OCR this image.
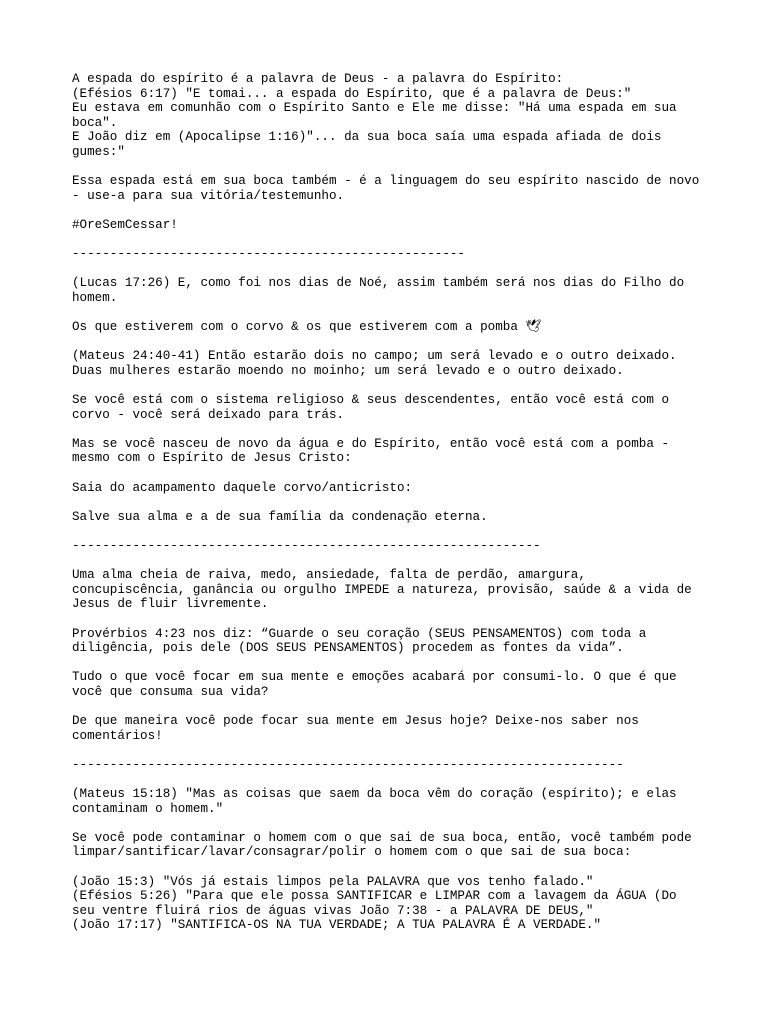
A espada do espírito é a palavra de Deus - a palavra do Espírito:
(Efésios 6:17) "E tomai... a espada do Espírito, que é a palavra de Deus:"
Eu estava em comunhão com o Espírito Santo e Ele me disse: "Há uma espada em sua
boca".
E João diz em (Apocalipse 1:16)"... da sua boca saía uma espada afiada de dois
gumes:"
Essa espada está em sua boca também - é a linguagem do seu espírito nascido de novo
- use-a para sua vitória/testemunho.
#OreSemCessar!
----------------------------------------------------
(Lucas 17:26) E, como foi nos dias de Noé, assim também será nos dias do Filho do
homem.
Os que estiverem com o corvo & os que estiverem com a pomba 🕊
(Mateus 24:40-41) Então estarão dois no campo; um será levado e o outro deixado.
Duas mulheres estarão moendo no moinho; um será levado e o outro deixado.
Se você está com o sistema religioso & seus descendentes, então você está com o
corvo - você será deixado para trás.
Mas se você nasceu de novo da água e do Espírito, então você está com a pomba -
mesmo com o Espírito de Jesus Cristo:
Saia do acampamento daquele corvo/anticristo:
Salve sua alma e a de sua família da condenação eterna.
--------------------------------------------------------------
Uma alma cheia de raiva, medo, ansiedade, falta de perdão, amargura,
concupiscência, ganância ou orgulho IMPEDE a natureza, provisão, saúde & a vida de
Jesus de fluir livremente.
Provérbios 4:23 nos diz: “Guarde o seu coração (SEUS PENSAMENTOS) com toda a
diligência, pois dele (DOS SEUS PENSAMENTOS) procedem as fontes da vida”.
Tudo o que você focar em sua mente e emoções acabará por consumi-lo. O que é que
você que consuma sua vida?
De que maneira você pode focar sua mente em Jesus hoje? Deixe-nos saber nos
comentários!
-------------------------------------------------------------------------
(Mateus 15:18) "Mas as coisas que saem da boca vêm do coração (espírito); e elas
contaminam o homem."
Se você pode contaminar o homem com o que sai de sua boca, então, você também pode
limpar/santificar/lavar/consagrar/polir o homem com o que sai de sua boca:
(João 15:3) "Vós já estais limpos pela PALAVRA que vos tenho falado."
(Efésios 5:26) "Para que ele possa SANTIFICAR e LIMPAR com a lavagem da ÁGUA (Do
seu ventre fluirá rios de águas vivas João 7:38 - a PALAVRA DE DEUS,"
(João 17:17) "SANTIFICA-OS NA TUA VERDADE; A TUA PALAVRA É A VERDADE."
